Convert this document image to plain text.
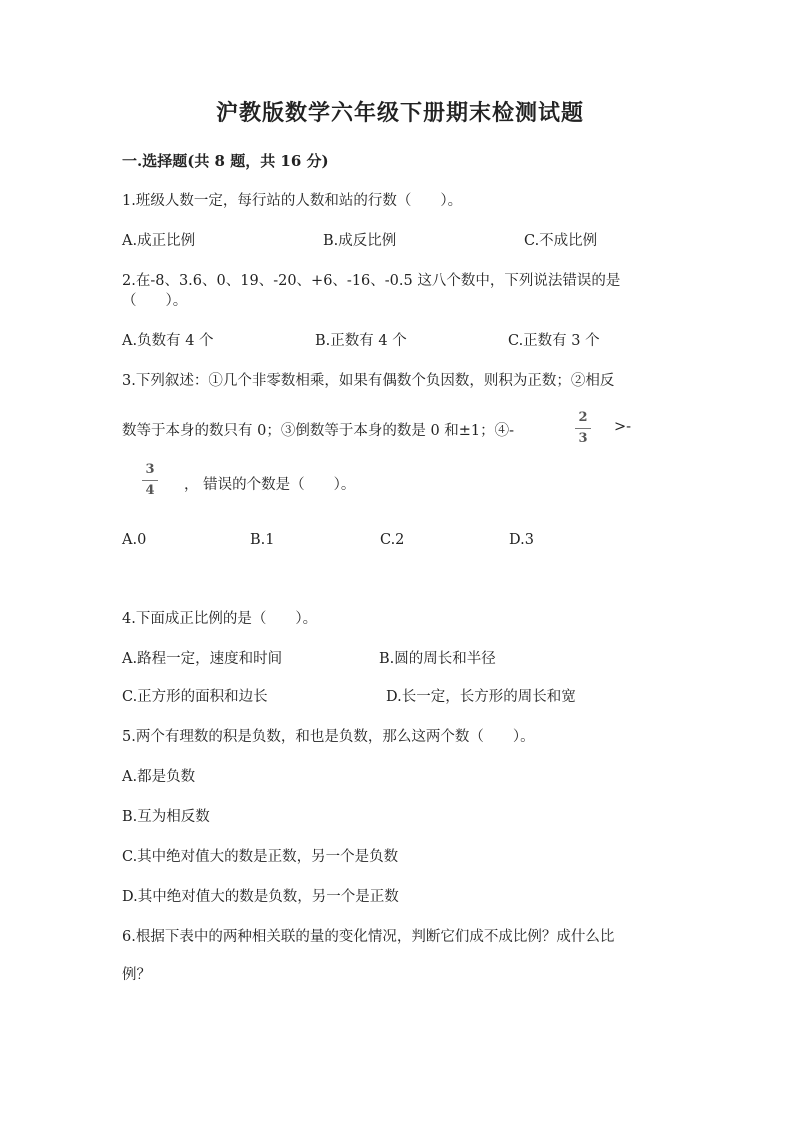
沪教版数学六年级下册期末检测试题
一.选择题(共 8 题，共 16 分)
1.班级人数一定，每行站的人数和站的行数（　　）。
A.成正比例	B.成反比例	C.不成比例
2.在-8、3.6、0、19、-20、+6、-16、-0.5 这八个数中，下列说法错误的是
（　　）。
A.负数有 4 个	B.正数有 4 个	C.正数有 3 个
3.下列叙述：①几个非零数相乘，如果有偶数个负因数，则积为正数；②相反
数等于本身的数只有 0；③倒数等于本身的数是 0 和±1；④-
2
3
>-
3
4	， 错误的个数是（　　）。
A.0	B.1	C.2	D.3
4.下面成正比例的是（　　）。
A.路程一定，速度和时间	B.圆的周长和半径
C.正方形的面积和边长	D.长一定，长方形的周长和宽
5.两个有理数的积是负数，和也是负数，那么这两个数（　　）。
A.都是负数
B.互为相反数
C.其中绝对值大的数是正数，另一个是负数
D.其中绝对值大的数是负数，另一个是正数
6.根据下表中的两种相关联的量的变化情况，判断它们成不成比例？成什么比
例？
